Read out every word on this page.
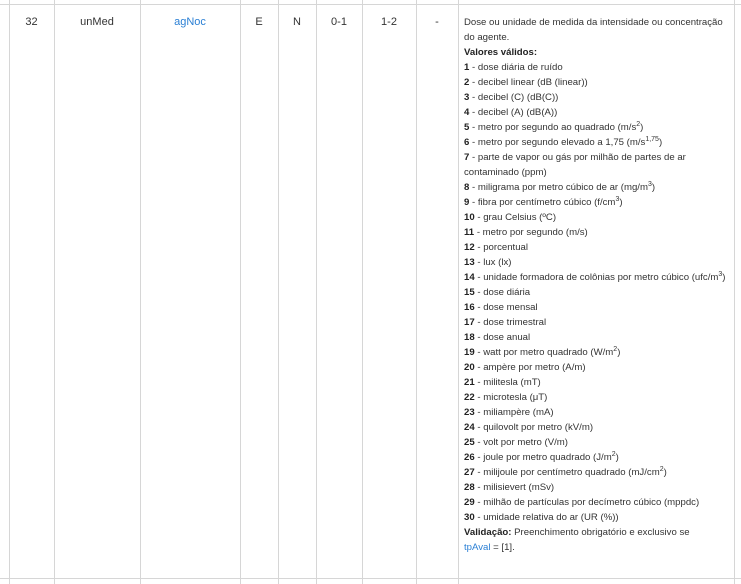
32	unMed	agNoc	E	N	0-1	1-2	-	Dose ou unidade de medida da intensidade ou concentração do agente.
Valores válidos:
1 - dose diária de ruído
2 - decibel linear (dB (linear))
3 - decibel (C) (dB(C))
4 - decibel (A) (dB(A))
5 - metro por segundo ao quadrado $(m/s^2)$
6 - metro por segundo elevado a 1,75 $(m/s^{1,75})$
7 - parte de vapor ou gás por milhão de partes de ar contaminado (ppm)
8 - miligrama por metro cúbico de ar $(mg/m^3)$
9 - fibra por centímetro cúbico $(f/cm^3)$
10 - grau Celsius (ºC)
11 - metro por segundo (m/s)
12 - porcentual
13 - lux (lx)
14 - unidade formadora de colônias por metro cúbico $(ufc/m^3)$
15 - dose diária
16 - dose mensal
17 - dose trimestral
18 - dose anual
19 - watt por metro quadrado $(W/m^2)$
20 - ampère por metro (A/m)
21 - militesla (mT)
22 - microtesla (μT)
23 - miliampère (mA)
24 - quilovolt por metro (kV/m)
25 - volt por metro (V/m)
26 - joule por metro quadrado $(J/m^2)$
27 - milijoule por centímetro quadrado $(mJ/cm^2)$
28 - milisievert (mSv)
29 - milhão de partículas por decímetro cúbico (mppdc)
30 - umidade relativa do ar (UR (%))
Validação: Preenchimento obrigatório e exclusivo se
tpAval = [1].
